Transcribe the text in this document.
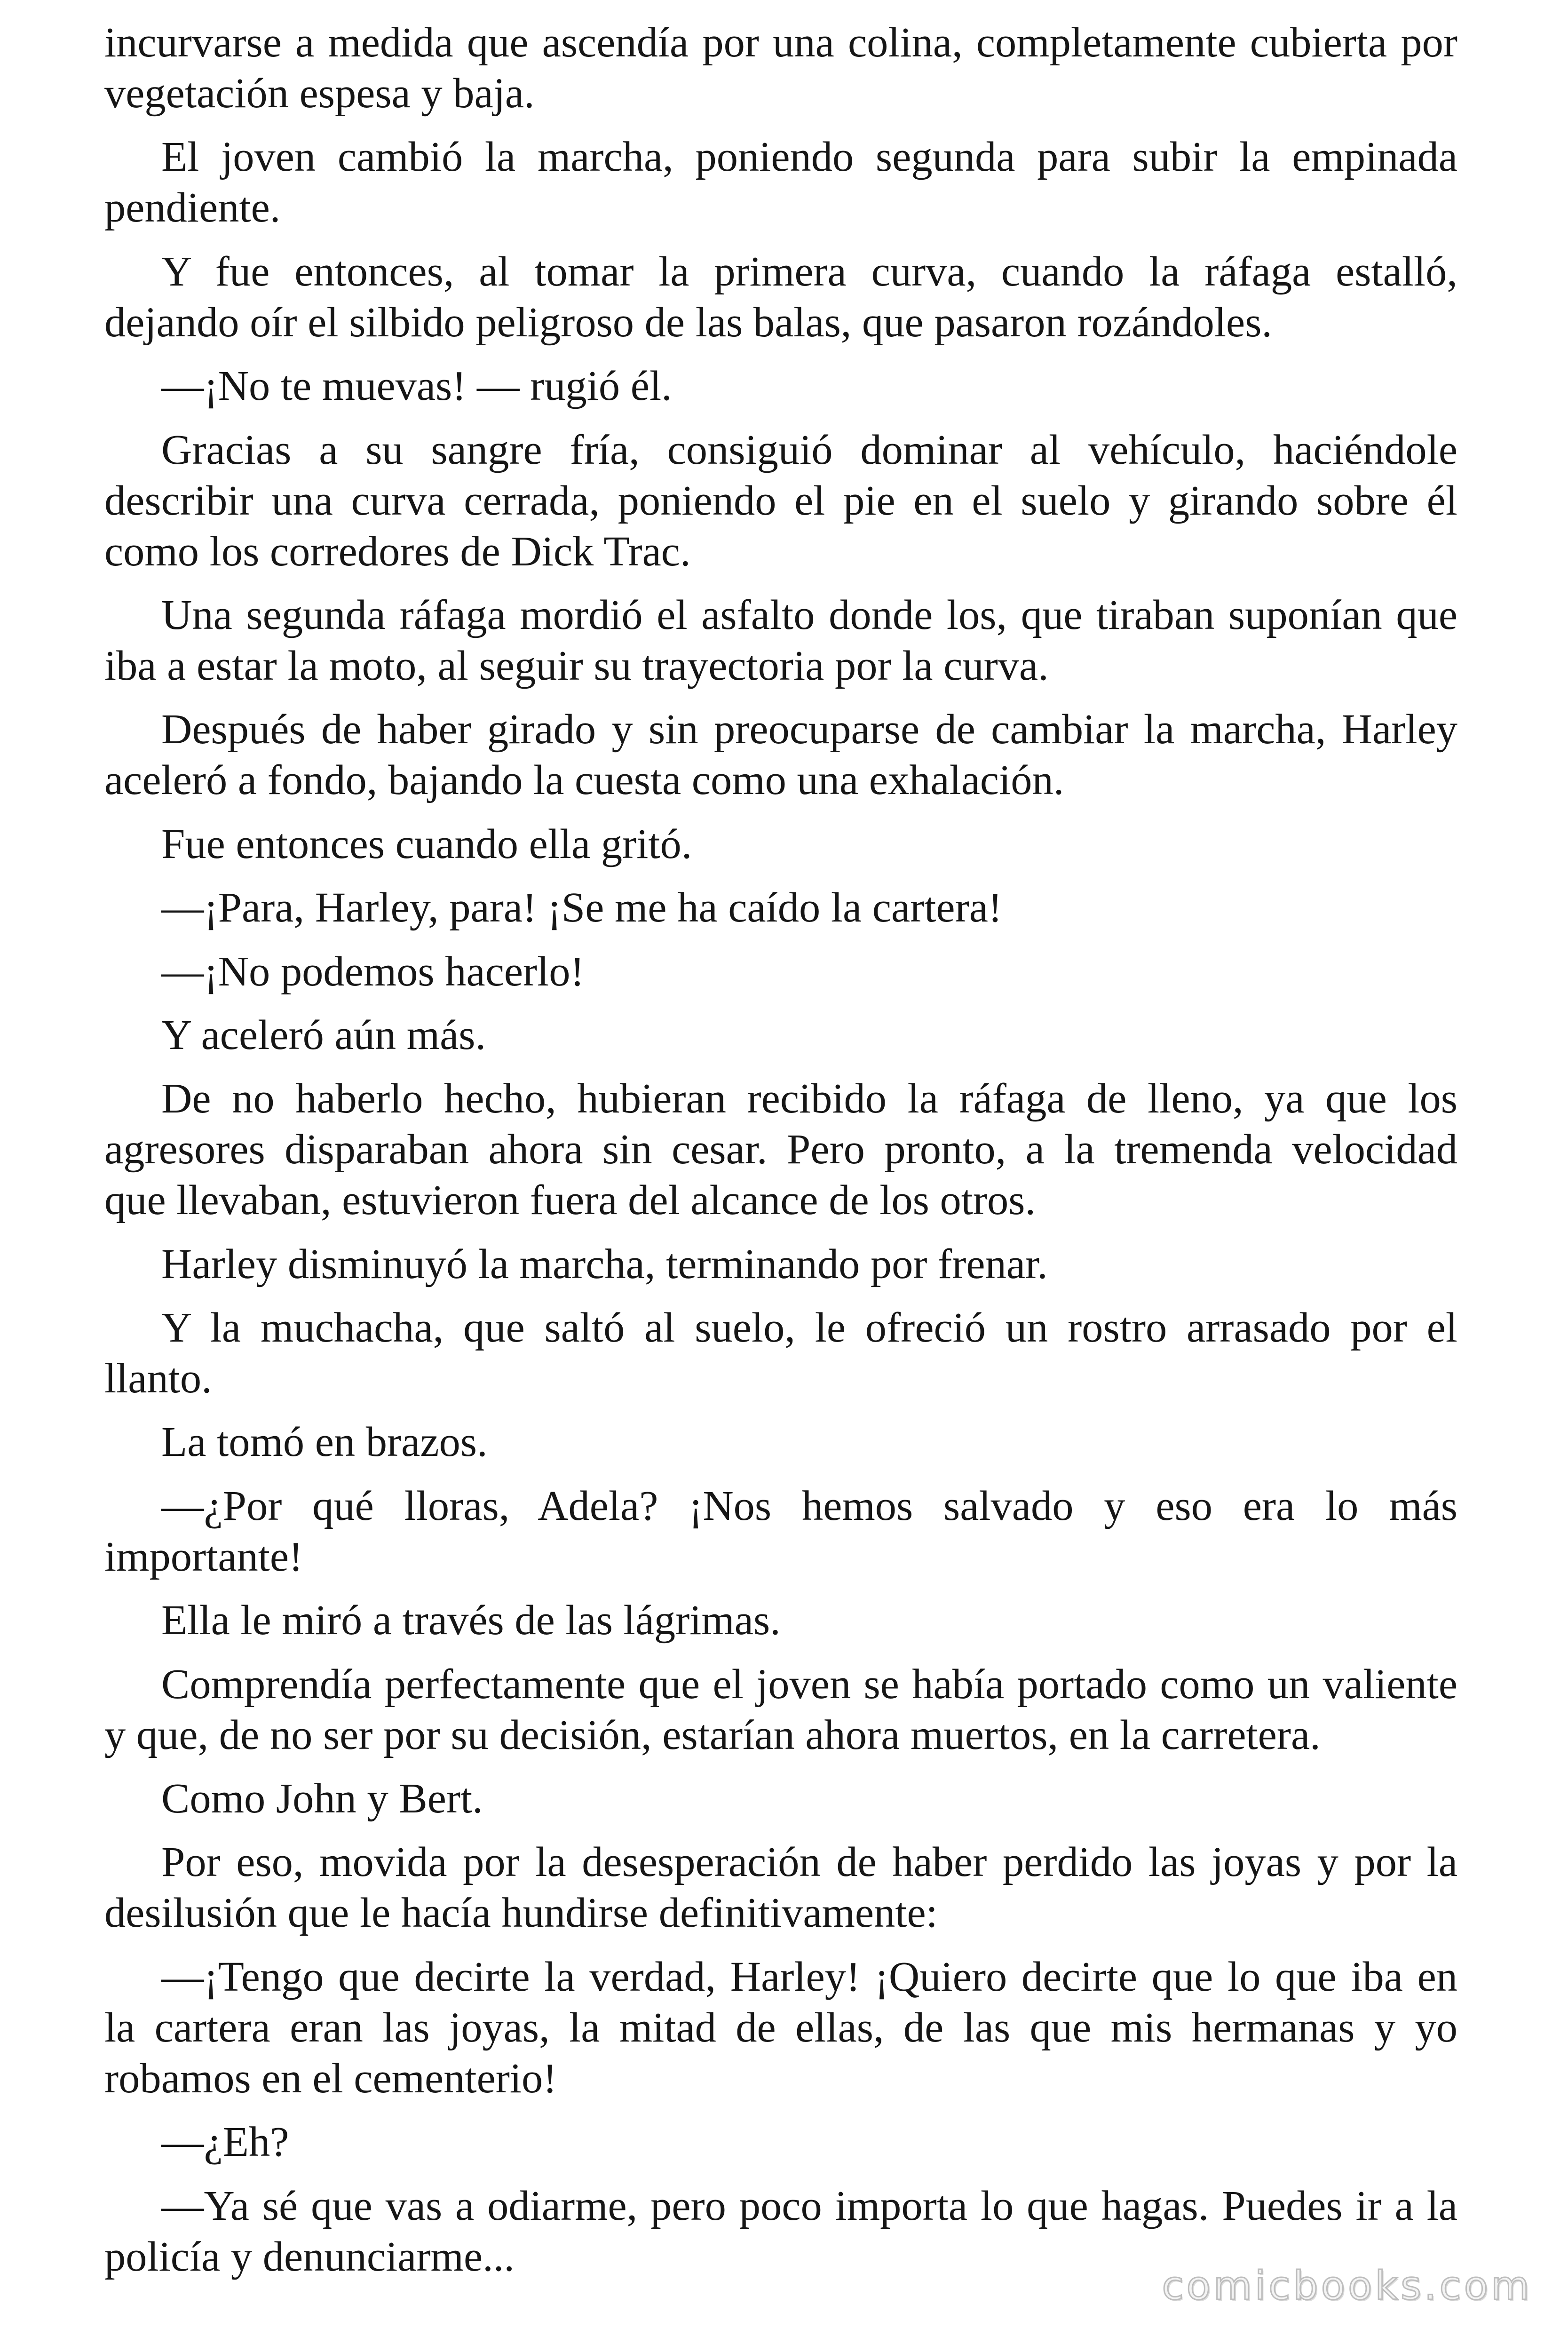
incurvarse a medida que ascendía por una colina, completamente cubierta por
vegetación espesa y baja.
El joven cambió la marcha, poniendo segunda para subir la empinada
pendiente.
Y fue entonces, al tomar la primera curva, cuando la ráfaga estalló,
dejando oír el silbido peligroso de las balas, que pasaron rozándoles.
—¡No te muevas! — rugió él.
Gracias a su sangre fría, consiguió dominar al vehículo, haciéndole
describir una curva cerrada, poniendo el pie en el suelo y girando sobre él
como los corredores de Dick Trac.
Una segunda ráfaga mordió el asfalto donde los, que tiraban suponían que
iba a estar la moto, al seguir su trayectoria por la curva.
Después de haber girado y sin preocuparse de cambiar la marcha, Harley
aceleró a fondo, bajando la cuesta como una exhalación.
Fue entonces cuando ella gritó.
—¡Para, Harley, para! ¡Se me ha caído la cartera!
—¡No podemos hacerlo!
Y aceleró aún más.
De no haberlo hecho, hubieran recibido la ráfaga de lleno, ya que los
agresores disparaban ahora sin cesar. Pero pronto, a la tremenda velocidad
que llevaban, estuvieron fuera del alcance de los otros.
Harley disminuyó la marcha, terminando por frenar.
Y la muchacha, que saltó al suelo, le ofreció un rostro arrasado por el
llanto.
La tomó en brazos.
—¿Por qué lloras, Adela? ¡Nos hemos salvado y eso era lo más
importante!
Ella le miró a través de las lágrimas.
Comprendía perfectamente que el joven se había portado como un valiente
y que, de no ser por su decisión, estarían ahora muertos, en la carretera.
Como John y Bert.
Por eso, movida por la desesperación de haber perdido las joyas y por la
desilusión que le hacía hundirse definitivamente:
—¡Tengo que decirte la verdad, Harley! ¡Quiero decirte que lo que iba en
la cartera eran las joyas, la mitad de ellas, de las que mis hermanas y yo
robamos en el cementerio!
—¿Eh?
—Ya sé que vas a odiarme, pero poco importa lo que hagas. Puedes ir a la
policía y denunciarme...
comicbooks.com
